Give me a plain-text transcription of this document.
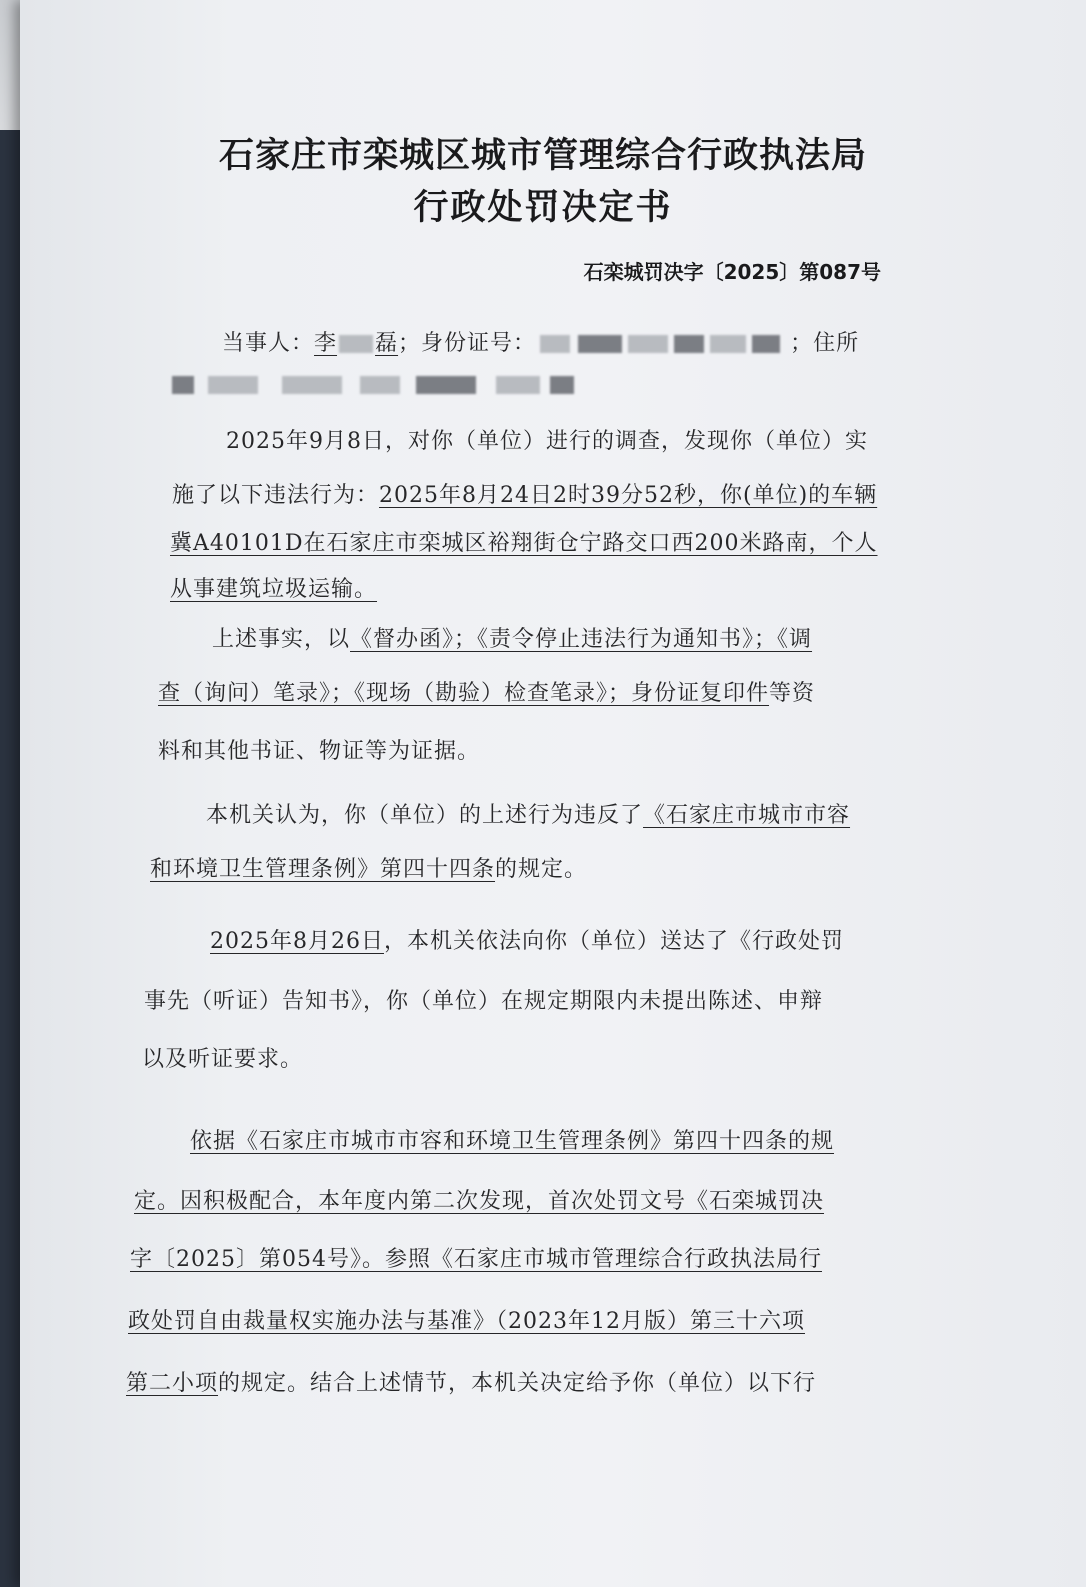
石家庄市栾城区城市管理综合行政执法局
行政处罚决定书
石栾城罚决字〔2025〕第087号
当事人：李 磊；身份证号：	；住所
2025年9月8日，对你（单位）进行的调查，发现你（单位）实
施了以下违法行为：2025年8月24日2时39分52秒，你(单位)的车辆
冀A40101D在石家庄市栾城区裕翔街仓宁路交口西200米路南，个人
从事建筑垃圾运输。
上述事实，以《督办函》；《责令停止违法行为通知书》；《调
查（询问）笔录》；《现场（勘验）检查笔录》；身份证复印件等资
料和其他书证、物证等为证据。
本机关认为，你（单位）的上述行为违反了《石家庄市城市市容
和环境卫生管理条例》第四十四条的规定。
2025年8月26日，本机关依法向你（单位）送达了《行政处罚
事先（听证）告知书》，你（单位）在规定期限内未提出陈述、申辩
以及听证要求。
依据《石家庄市城市市容和环境卫生管理条例》第四十四条的规
定。因积极配合，本年度内第二次发现，首次处罚文号《石栾城罚决
字〔2025〕第054号》。参照《石家庄市城市管理综合行政执法局行
政处罚自由裁量权实施办法与基准》（2023年12月版）第三十六项
第二小项的规定。结合上述情节，本机关决定给予你（单位）以下行
